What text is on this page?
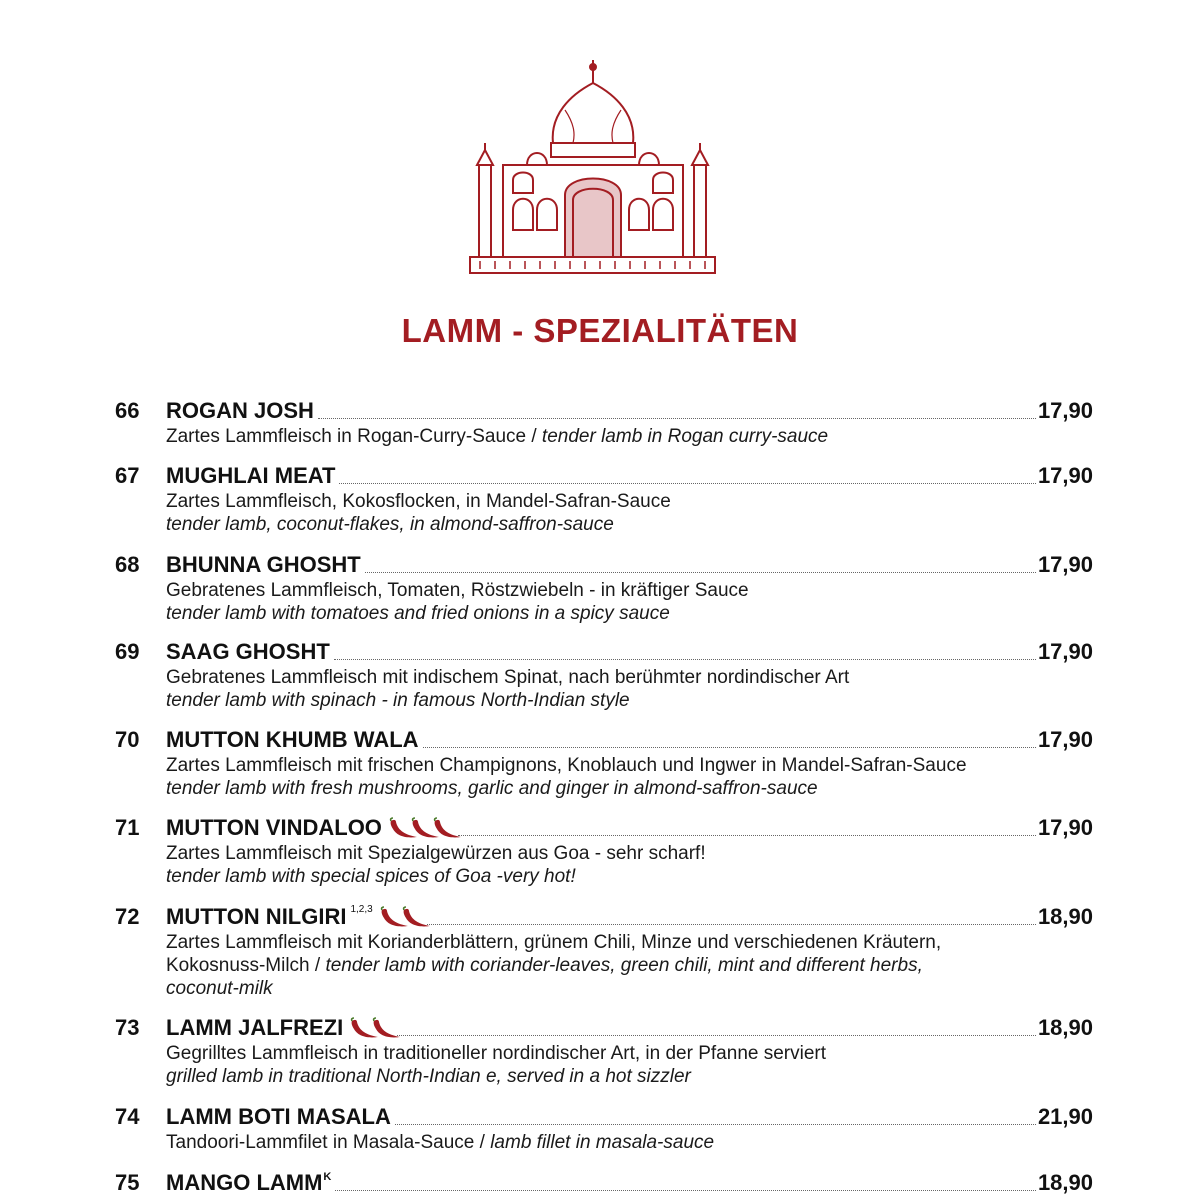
LAMM - SPEZIALITÄTEN
66 ROGAN JOSH	17,90
Zartes Lammfleisch in Rogan-Curry-Sauce / tender lamb in Rogan curry-sauce
67 MUGHLAI MEAT	17,90
Zartes Lammfleisch, Kokosflocken, in Mandel-Safran-Sauce
tender lamb, coconut-flakes, in almond-saffron-sauce
68 BHUNNA GHOSHT	17,90
Gebratenes Lammfleisch, Tomaten, Röstzwiebeln - in kräftiger Sauce
tender lamb with tomatoes and fried onions in a spicy sauce
69 SAAG GHOSHT	17,90
Gebratenes Lammfleisch mit indischem Spinat, nach berühmter nordindischer Art
tender lamb with spinach - in famous North-Indian style
70 MUTTON KHUMB WALA	17,90
Zartes Lammfleisch mit frischen Champignons, Knoblauch und Ingwer in Mandel-Safran-Sauce
tender lamb with fresh mushrooms, garlic and ginger in almond-saffron-sauce
71 MUTTON VINDALOO	17,90
Zartes Lammfleisch mit Spezialgewürzen aus Goa - sehr scharf!
tender lamb with special spices of Goa -very hot!
72 MUTTON NILGIRI $^{1,2,3}$	18,90
Zartes Lammfleisch mit Korianderblättern, grünem Chili, Minze und verschiedenen Kräutern,
Kokosnuss-Milch / tender lamb with coriander-leaves, green chili, mint and different herbs,
coconut-milk
73 LAMM JALFREZI	18,90
Gegrilltes Lammfleisch in traditioneller nordindischer Art, in der Pfanne serviert
grilled lamb in traditional North-Indian e, served in a hot sizzler
74 LAMM BOTI MASALA	21,90
Tandoori-Lammfilet in Masala-Sauce / lamb fillet in masala-sauce
75 MANGO $LAMM^K$	18,90
